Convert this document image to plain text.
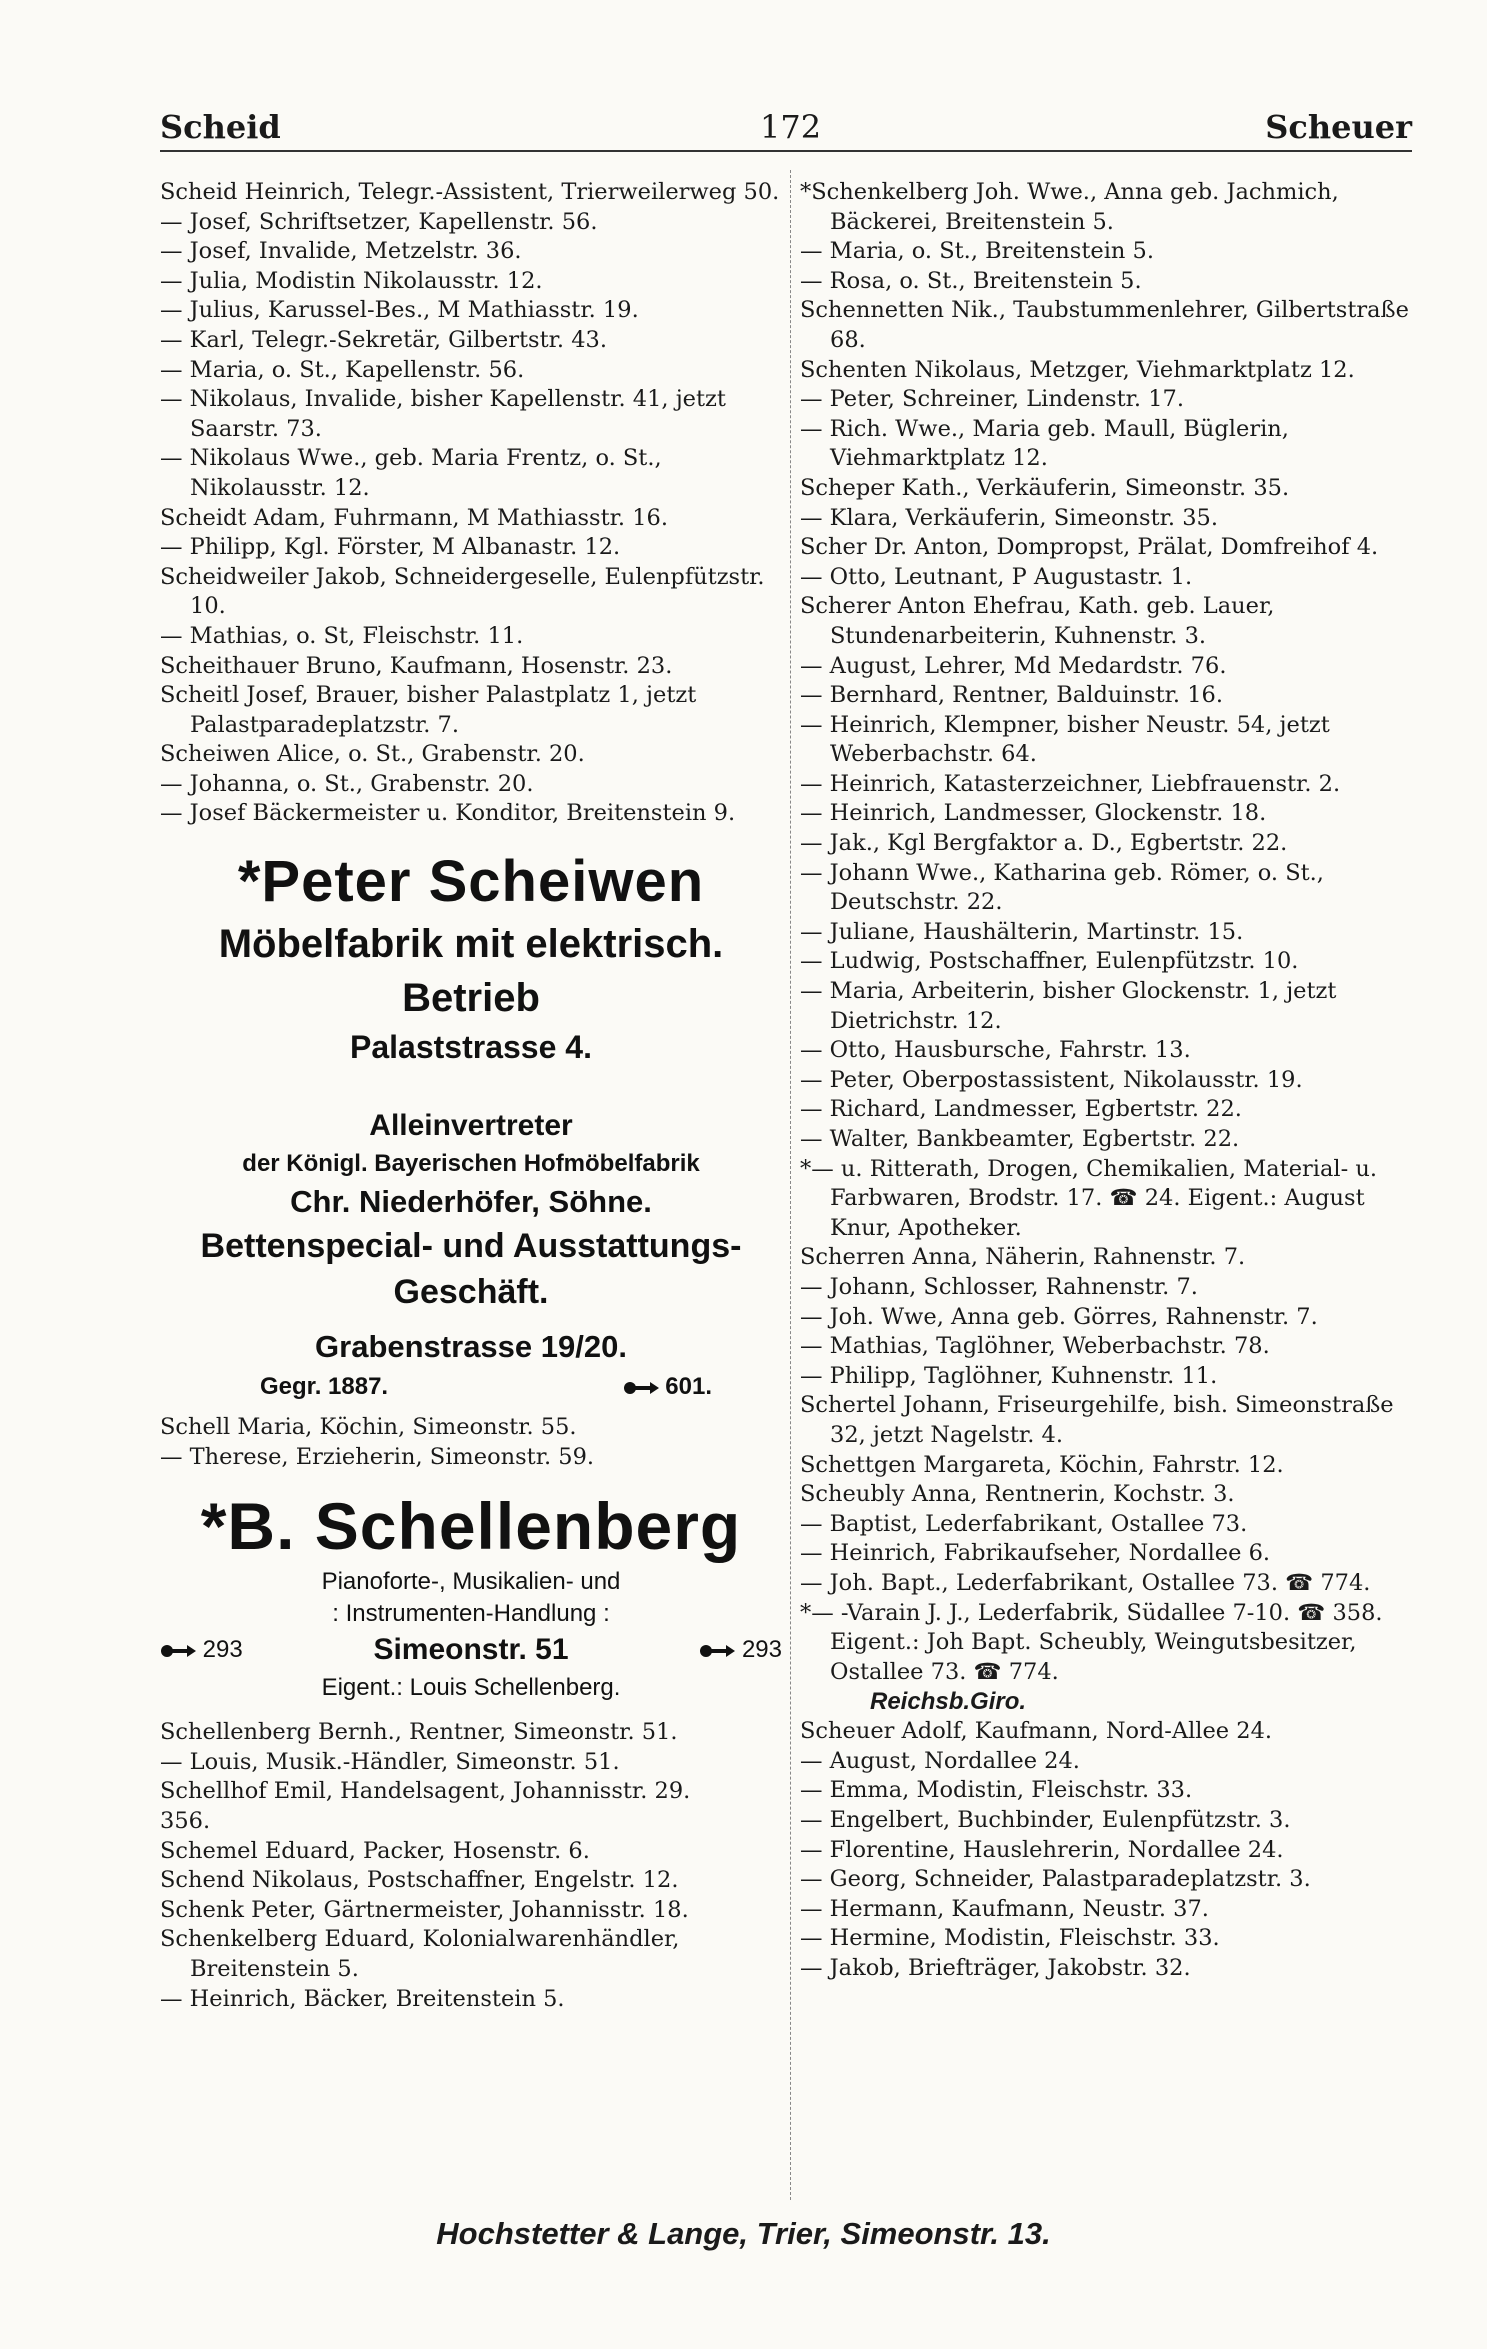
Scheid	172	Scheuer
Scheid Heinrich, Telegr.-Assistent, Trierweilerweg 50.
— Josef, Schriftsetzer, Kapellenstr. 56.
— Josef, Invalide, Metzelstr. 36.
— Julia, Modistin Nikolausstr. 12.
— Julius, Karussel-Bes., M Mathiasstr. 19.
— Karl, Telegr.-Sekretär, Gilbertstr. 43.
— Maria, o. St., Kapellenstr. 56.
— Nikolaus, Invalide, bisher Kapellenstr. 41, jetzt Saarstr. 73.
— Nikolaus Wwe., geb. Maria Frentz, o. St., Nikolausstr. 12.
Scheidt Adam, Fuhrmann, M Mathiasstr. 16.
— Philipp, Kgl. Förster, M Albanastr. 12.
Scheidweiler Jakob, Schneidergeselle, Eulenpfützstr. 10.
— Mathias, o. St, Fleischstr. 11.
Scheithauer Bruno, Kaufmann, Hosenstr. 23.
Scheitl Josef, Brauer, bisher Palastplatz 1, jetzt Palastparadeplatzstr. 7.
Scheiwen Alice, o. St., Grabenstr. 20.
— Johanna, o. St., Grabenstr. 20.
— Josef Bäckermeister u. Konditor, Breitenstein 9.
*Peter Scheiwen
Möbelfabrik mit elektrisch. Betrieb
Palaststrasse 4.
Alleinvertreter
der Königl. Bayerischen Hofmöbelfabrik
Chr. Niederhöfer, Söhne.
Bettenspecial- und Ausstattungs-Geschäft.
Grabenstrasse 19/20.
Gegr. 1887.	601.
Schell Maria, Köchin, Simeonstr. 55.
— Therese, Erzieherin, Simeonstr. 59.
*B. Schellenberg
Pianoforte-, Musikalien- und
: Instrumenten-Handlung :
293	Simeonstr. 51	293
Eigent.: Louis Schellenberg.
Schellenberg Bernh., Rentner, Simeonstr. 51.
— Louis, Musik.-Händler, Simeonstr. 51.
Schellhof Emil, Handelsagent, Johannisstr. 29.
356.
Schemel Eduard, Packer, Hosenstr. 6.
Schend Nikolaus, Postschaffner, Engelstr. 12.
Schenk Peter, Gärtnermeister, Johannisstr. 18.
Schenkelberg Eduard, Kolonialwarenhändler, Breitenstein 5.
— Heinrich, Bäcker, Breitenstein 5.
*Schenkelberg Joh. Wwe., Anna geb. Jachmich, Bäckerei, Breitenstein 5.
— Maria, o. St., Breitenstein 5.
— Rosa, o. St., Breitenstein 5.
Schennetten Nik., Taubstummenlehrer, Gilbertstraße 68.
Schenten Nikolaus, Metzger, Viehmarktplatz 12.
— Peter, Schreiner, Lindenstr. 17.
— Rich. Wwe., Maria geb. Maull, Büglerin, Viehmarktplatz 12.
Scheper Kath., Verkäuferin, Simeonstr. 35.
— Klara, Verkäuferin, Simeonstr. 35.
Scher Dr. Anton, Dompropst, Prälat, Domfreihof 4.
— Otto, Leutnant, P Augustastr. 1.
Scherer Anton Ehefrau, Kath. geb. Lauer, Stundenarbeiterin, Kuhnenstr. 3.
— August, Lehrer, Md Medardstr. 76.
— Bernhard, Rentner, Balduinstr. 16.
— Heinrich, Klempner, bisher Neustr. 54, jetzt Weberbachstr. 64.
— Heinrich, Katasterzeichner, Liebfrauenstr. 2.
— Heinrich, Landmesser, Glockenstr. 18.
— Jak., Kgl Bergfaktor a. D., Egbertstr. 22.
— Johann Wwe., Katharina geb. Römer, o. St., Deutschstr. 22.
— Juliane, Haushälterin, Martinstr. 15.
— Ludwig, Postschaffner, Eulenpfützstr. 10.
— Maria, Arbeiterin, bisher Glockenstr. 1, jetzt Dietrichstr. 12.
— Otto, Hausbursche, Fahrstr. 13.
— Peter, Oberpostassistent, Nikolausstr. 19.
— Richard, Landmesser, Egbertstr. 22.
— Walter, Bankbeamter, Egbertstr. 22.
*— u. Ritterath, Drogen, Chemikalien, Material- u. Farbwaren, Brodstr. 17. ☎ 24. Eigent.: August Knur, Apotheker.
Scherren Anna, Näherin, Rahnenstr. 7.
— Johann, Schlosser, Rahnenstr. 7.
— Joh. Wwe, Anna geb. Görres, Rahnenstr. 7.
— Mathias, Taglöhner, Weberbachstr. 78.
— Philipp, Taglöhner, Kuhnenstr. 11.
Schertel Johann, Friseurgehilfe, bish. Simeonstraße 32, jetzt Nagelstr. 4.
Schettgen Margareta, Köchin, Fahrstr. 12.
Scheubly Anna, Rentnerin, Kochstr. 3.
— Baptist, Lederfabrikant, Ostallee 73.
— Heinrich, Fabrikaufseher, Nordallee 6.
— Joh. Bapt., Lederfabrikant, Ostallee 73. ☎ 774.
*— -Varain J. J., Lederfabrik, Südallee 7-10. ☎ 358. Eigent.: Joh Bapt. Scheubly, Weingutsbesitzer, Ostallee 73. ☎ 774.
Reichsb.Giro.
Scheuer Adolf, Kaufmann, Nord-Allee 24.
— August, Nordallee 24.
— Emma, Modistin, Fleischstr. 33.
— Engelbert, Buchbinder, Eulenpfützstr. 3.
— Florentine, Hauslehrerin, Nordallee 24.
— Georg, Schneider, Palastparadeplatzstr. 3.
— Hermann, Kaufmann, Neustr. 37.
— Hermine, Modistin, Fleischstr. 33.
— Jakob, Briefträger, Jakobstr. 32.
Hochstetter & Lange, Trier, Simeonstr. 13.
